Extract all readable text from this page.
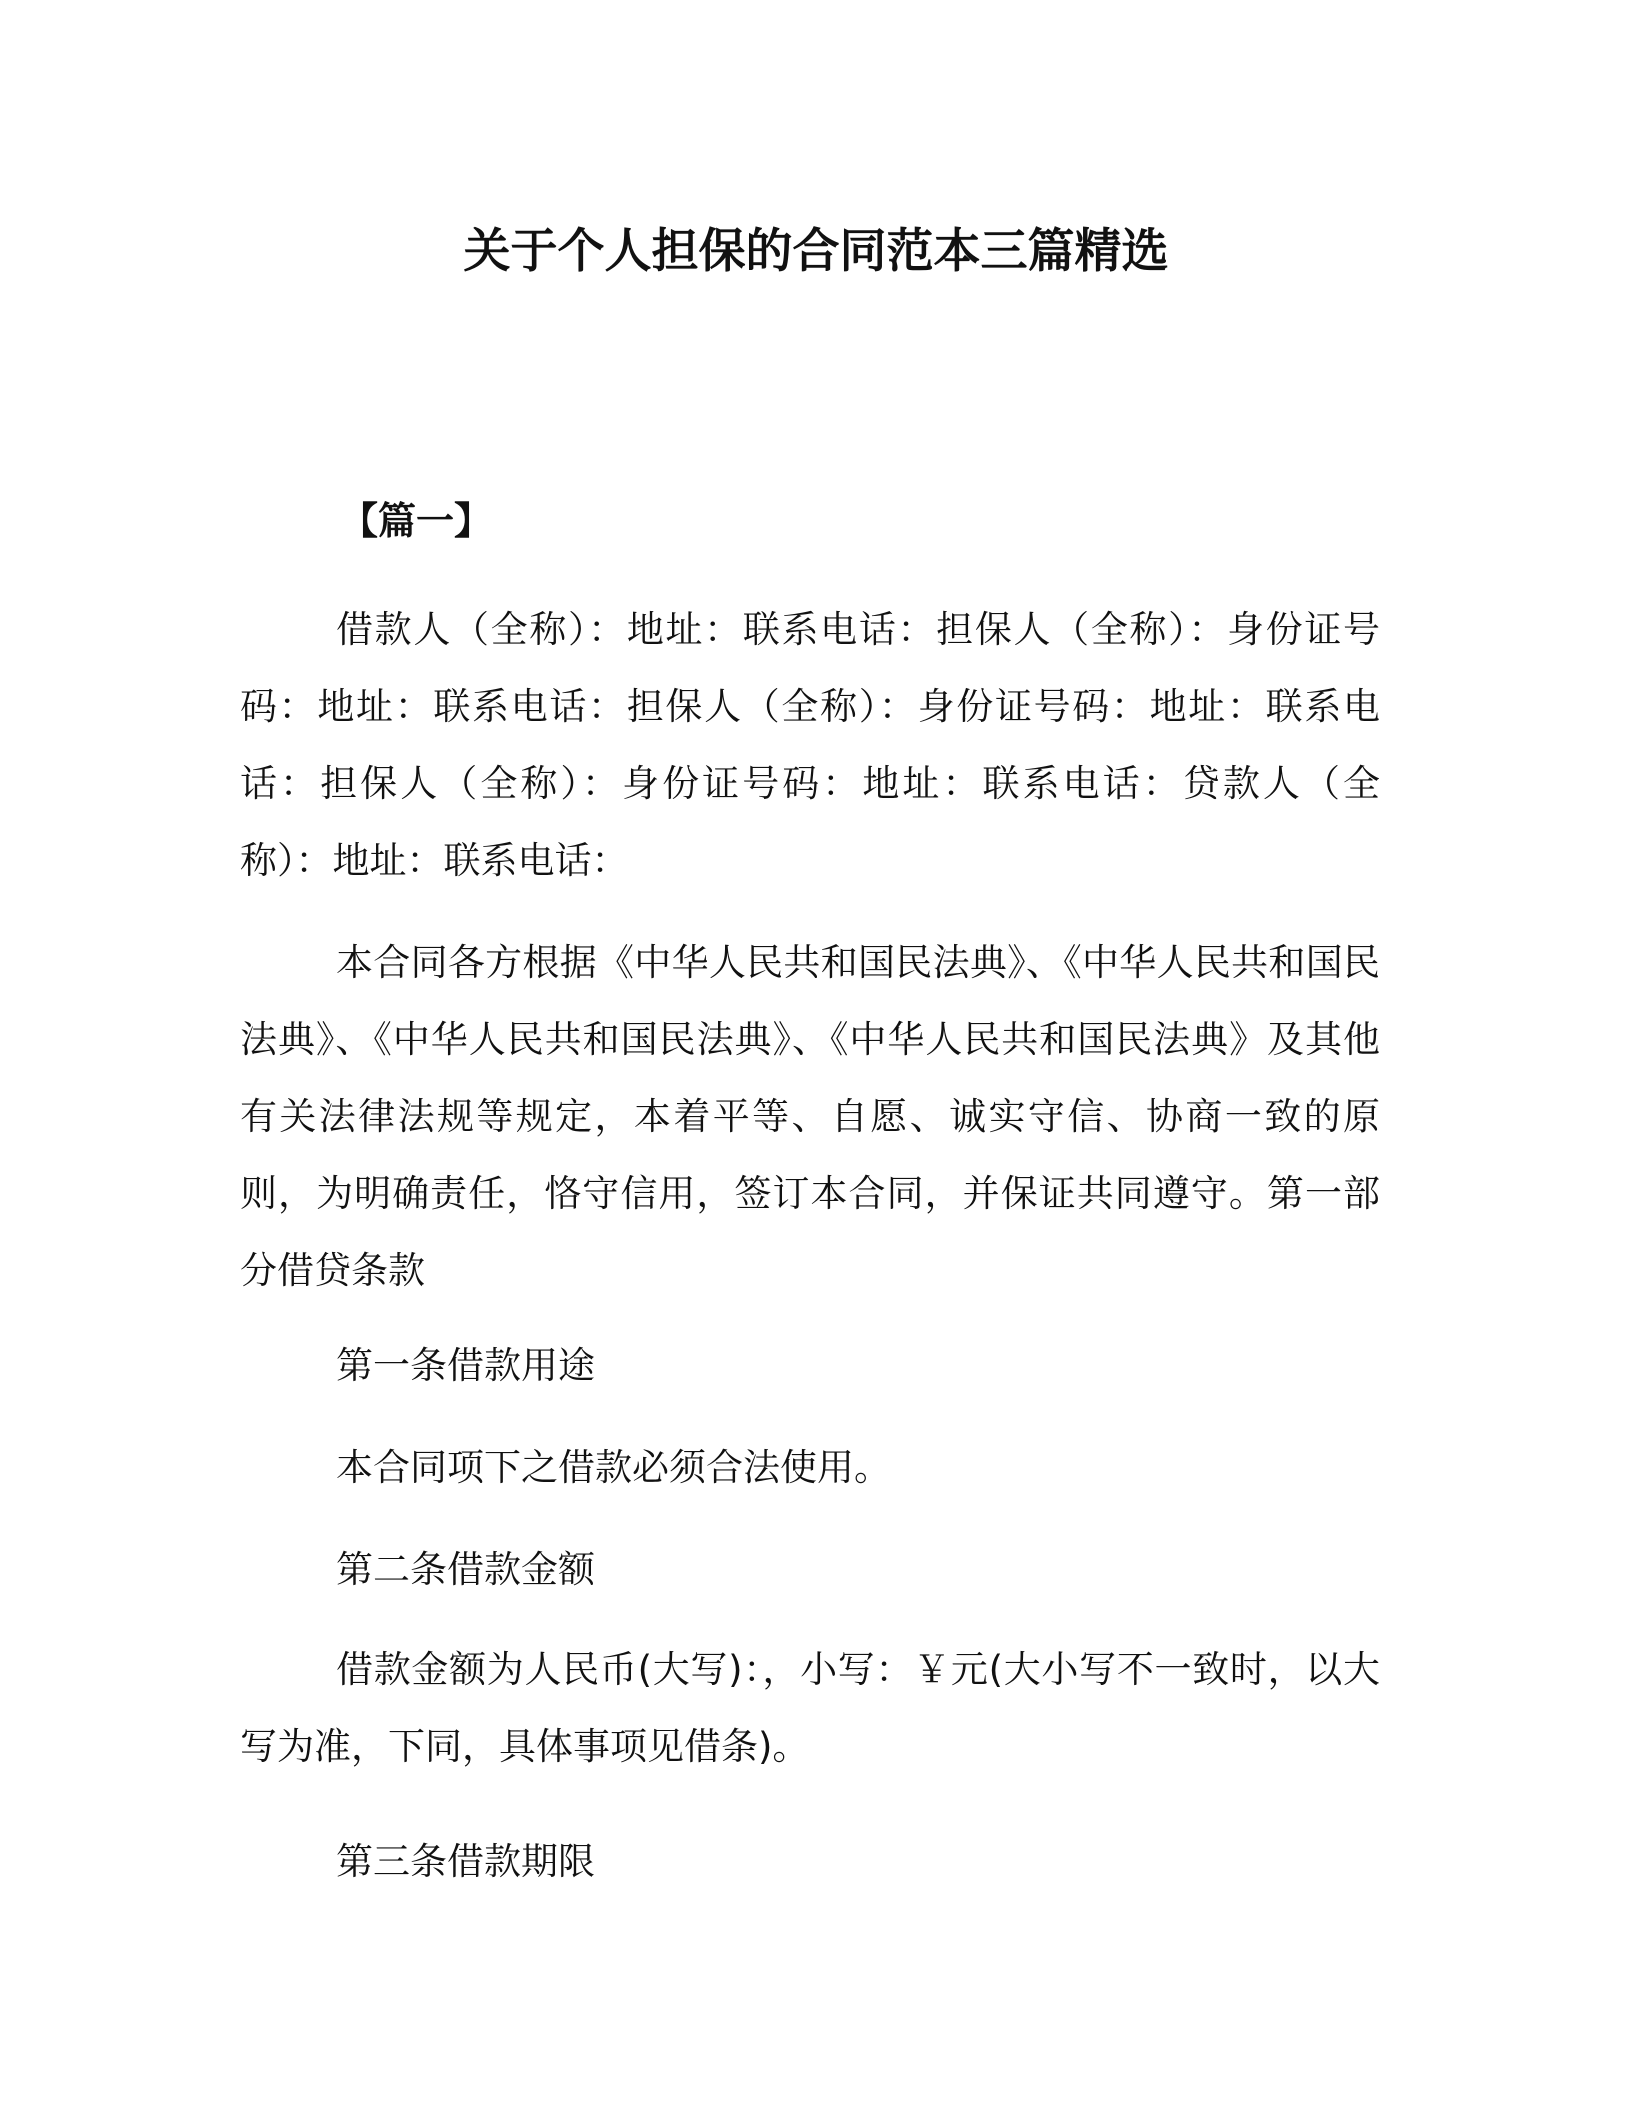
关于个人担保的合同范本三篇精选
【篇一】
借款人（全称）：地址：联系电话：担保人（全称）：身份证号码：地址：联系电话：担保人（全称）：身份证号码：地址：联系电话：担保人（全称）：身份证号码：地址：联系电话：贷款人（全称）：地址：联系电话：
本合同各方根据《中华人民共和国民法典》、《中华人民共和国民法典》、《中华人民共和国民法典》、《中华人民共和国民法典》及其他有关法律法规等规定，本着平等、自愿、诚实守信、协商一致的原则，为明确责任，恪守信用，签订本合同，并保证共同遵守。第一部分借贷条款
第一条借款用途
本合同项下之借款必须合法使用。
第二条借款金额
借款金额为人民币(大写)：，小写：￥元(大小写不一致时，以大写为准，下同，具体事项见借条)。
第三条借款期限
